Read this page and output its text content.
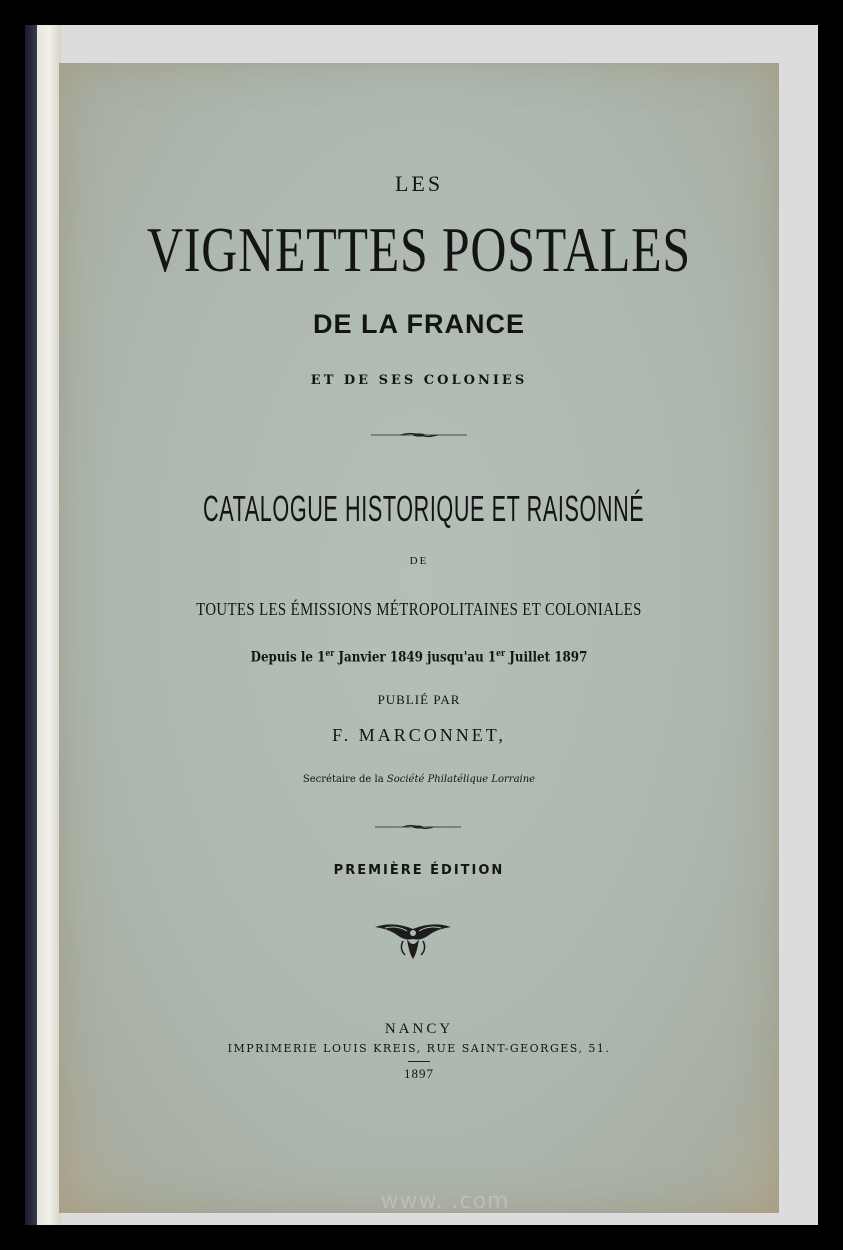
LES
VIGNETTES POSTALES
DE LA FRANCE
ET DE SES COLONIES
CATALOGUE HISTORIQUE ET RAISONNÉ
DE
TOUTES LES ÉMISSIONS MÉTROPOLITAINES ET COLONIALES
Depuis le 1er Janvier 1849 jusqu'au 1er Juillet 1897
PUBLIÉ PAR
F. MARCONNET,
Secrétaire de la Société Philatélique Lorraine
PREMIÈRE ÉDITION
NANCY
IMPRIMERIE LOUIS KREIS, RUE SAINT-GEORGES, 51.
1897
www. .com
